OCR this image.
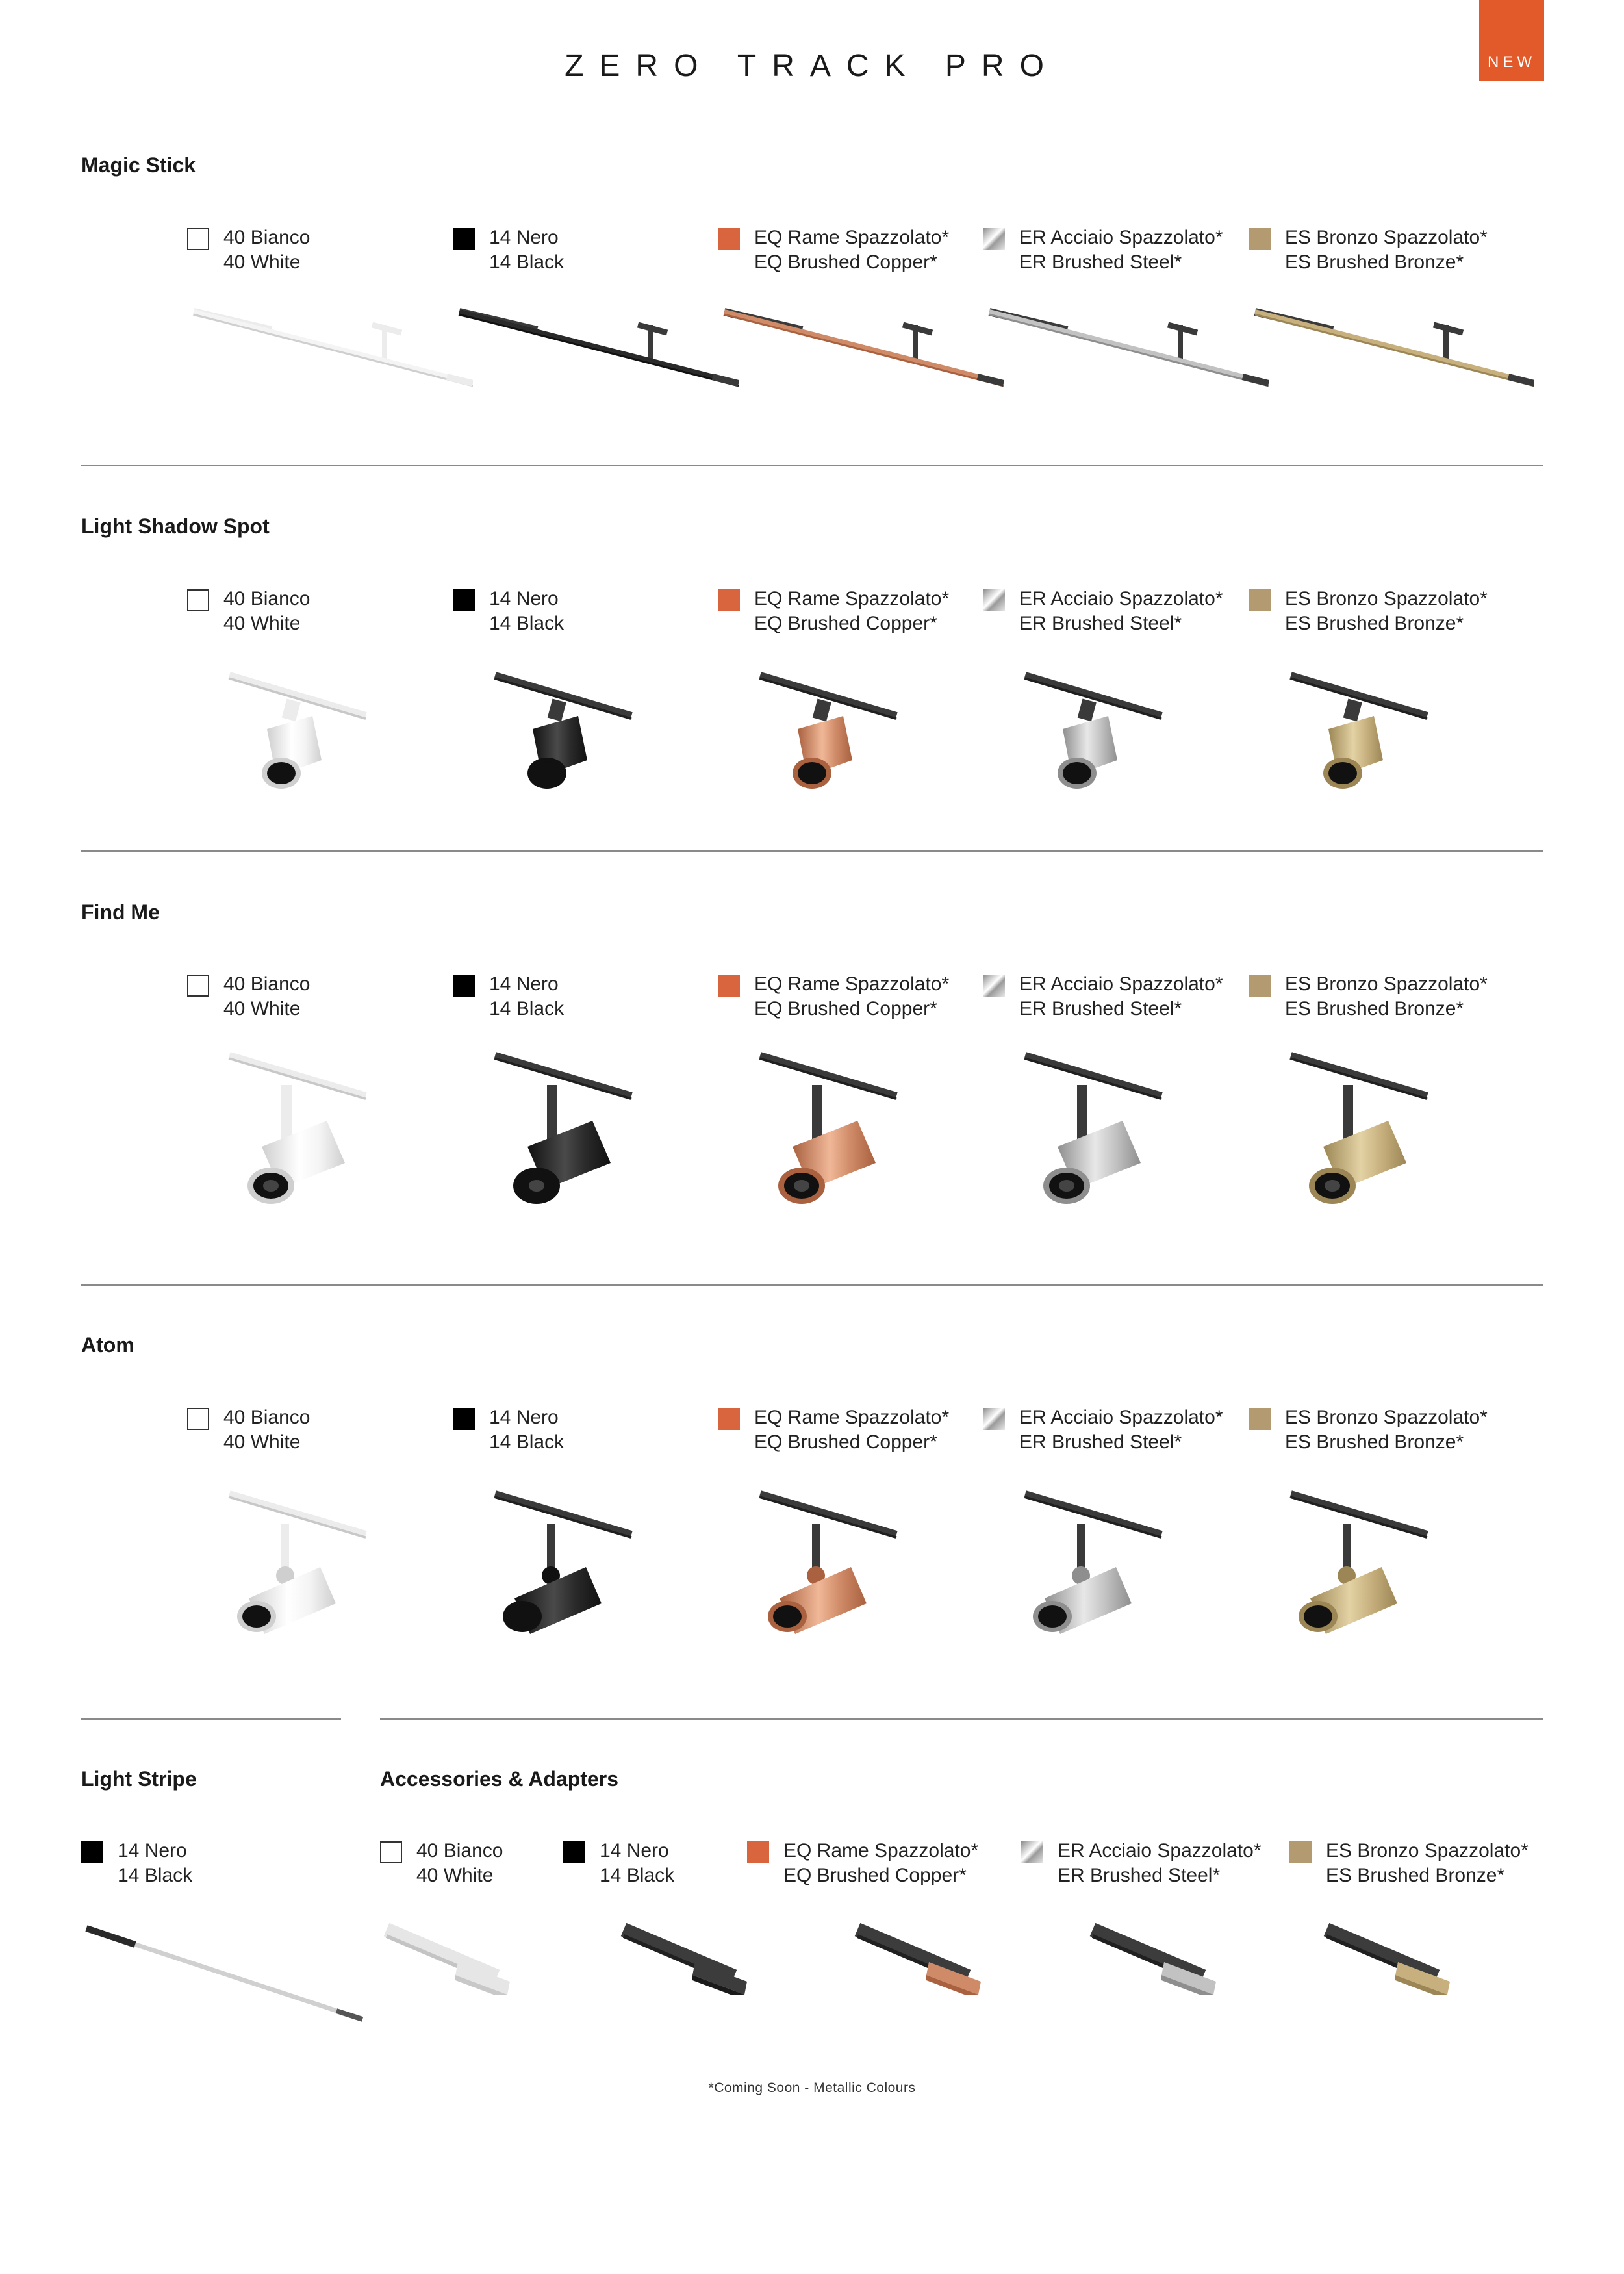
ZERO TRACK PRO	NEW
Magic Stick
40 Bianco
40 White
14 Nero
14 Black
EQ Rame Spazzolato*
EQ Brushed Copper*
ER Acciaio Spazzolato*
ER Brushed Steel*
ES Bronzo Spazzolato*
ES Brushed Bronze*
Light Shadow Spot
40 Bianco
40 White
14 Nero
14 Black
EQ Rame Spazzolato*
EQ Brushed Copper*
ER Acciaio Spazzolato*
ER Brushed Steel*
ES Bronzo Spazzolato*
ES Brushed Bronze*
Find Me
40 Bianco
40 White
14 Nero
14 Black
EQ Rame Spazzolato*
EQ Brushed Copper*
ER Acciaio Spazzolato*
ER Brushed Steel*
ES Bronzo Spazzolato*
ES Brushed Bronze*
Atom
40 Bianco
40 White
14 Nero
14 Black
EQ Rame Spazzolato*
EQ Brushed Copper*
ER Acciaio Spazzolato*
ER Brushed Steel*
ES Bronzo Spazzolato*
ES Brushed Bronze*
Light Stripe	Accessories & Adapters
14 Nero
14 Black
40 Bianco
40 White
14 Nero
14 Black
EQ Rame Spazzolato*
EQ Brushed Copper*
ER Acciaio Spazzolato*
ER Brushed Steel*
ES Bronzo Spazzolato*
ES Brushed Bronze*
*Coming Soon - Metallic Colours
